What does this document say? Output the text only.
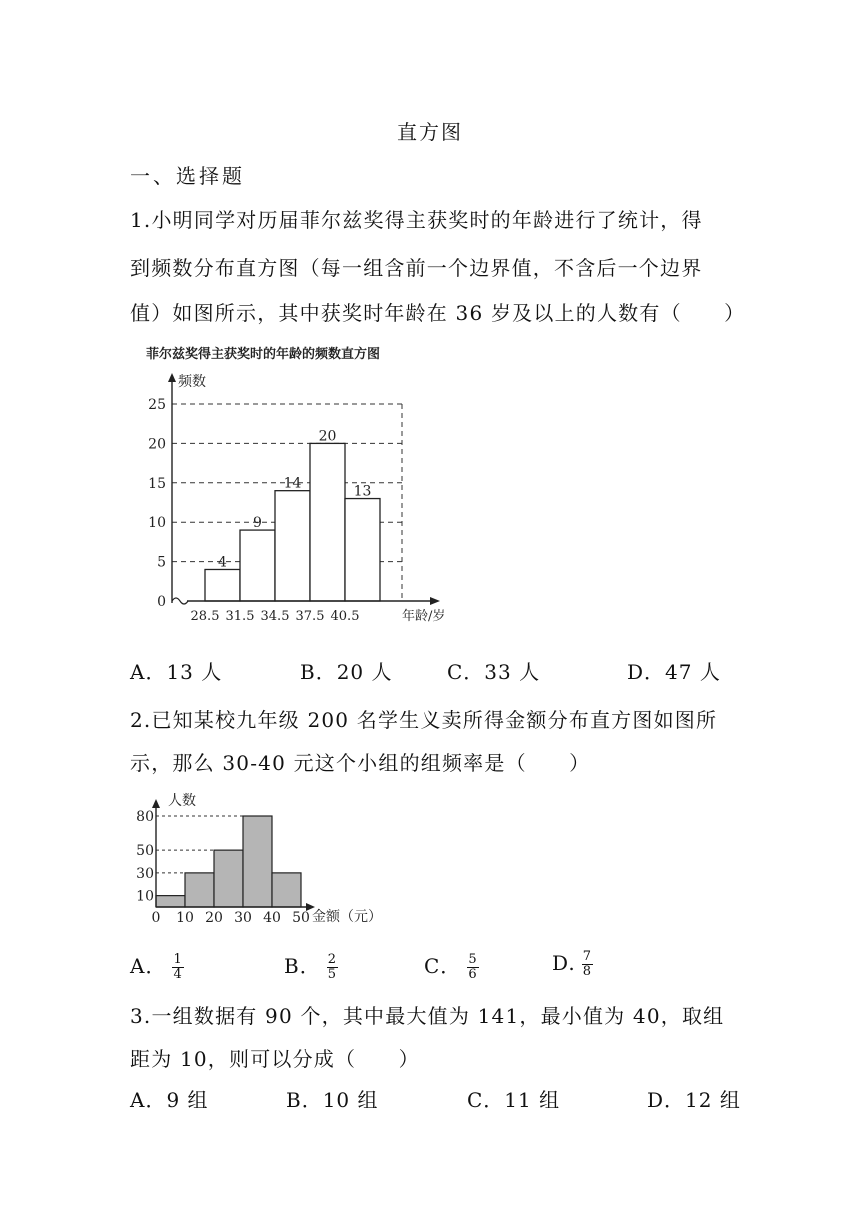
直方图
一、选择题
1.小明同学对历届菲尔兹奖得主获奖时的年龄进行了统计，得
到频数分布直方图（每一组含前一个边界值，不含后一个边界
值）如图所示，其中获奖时年龄在 36 岁及以上的人数有（　　）
菲尔兹奖得主获奖时的年龄的频数直方图
频数
年龄/岁
4
9
14
20
13
0
5
10
15
20
25
28.5 31.5 34.5 37.5 40.5
A．13 人	B．20 人	C．33 人	D．47 人
2.已知某校九年级 200 名学生义卖所得金额分布直方图如图所
示，那么 30-40 元这个小组的组频率是（　　）
人数
金额（元）
10
30
50
80
0 10 20 30 40 50
A． $\frac{1}{4}$	B． $\frac{2}{5}$	C． $\frac{5}{6}$	D. $\frac{7}{8}$
3.一组数据有 90 个，其中最大值为 141，最小值为 40，取组
距为 10，则可以分成（　　）
A．9 组	B．10 组	C．11 组	D．12 组
